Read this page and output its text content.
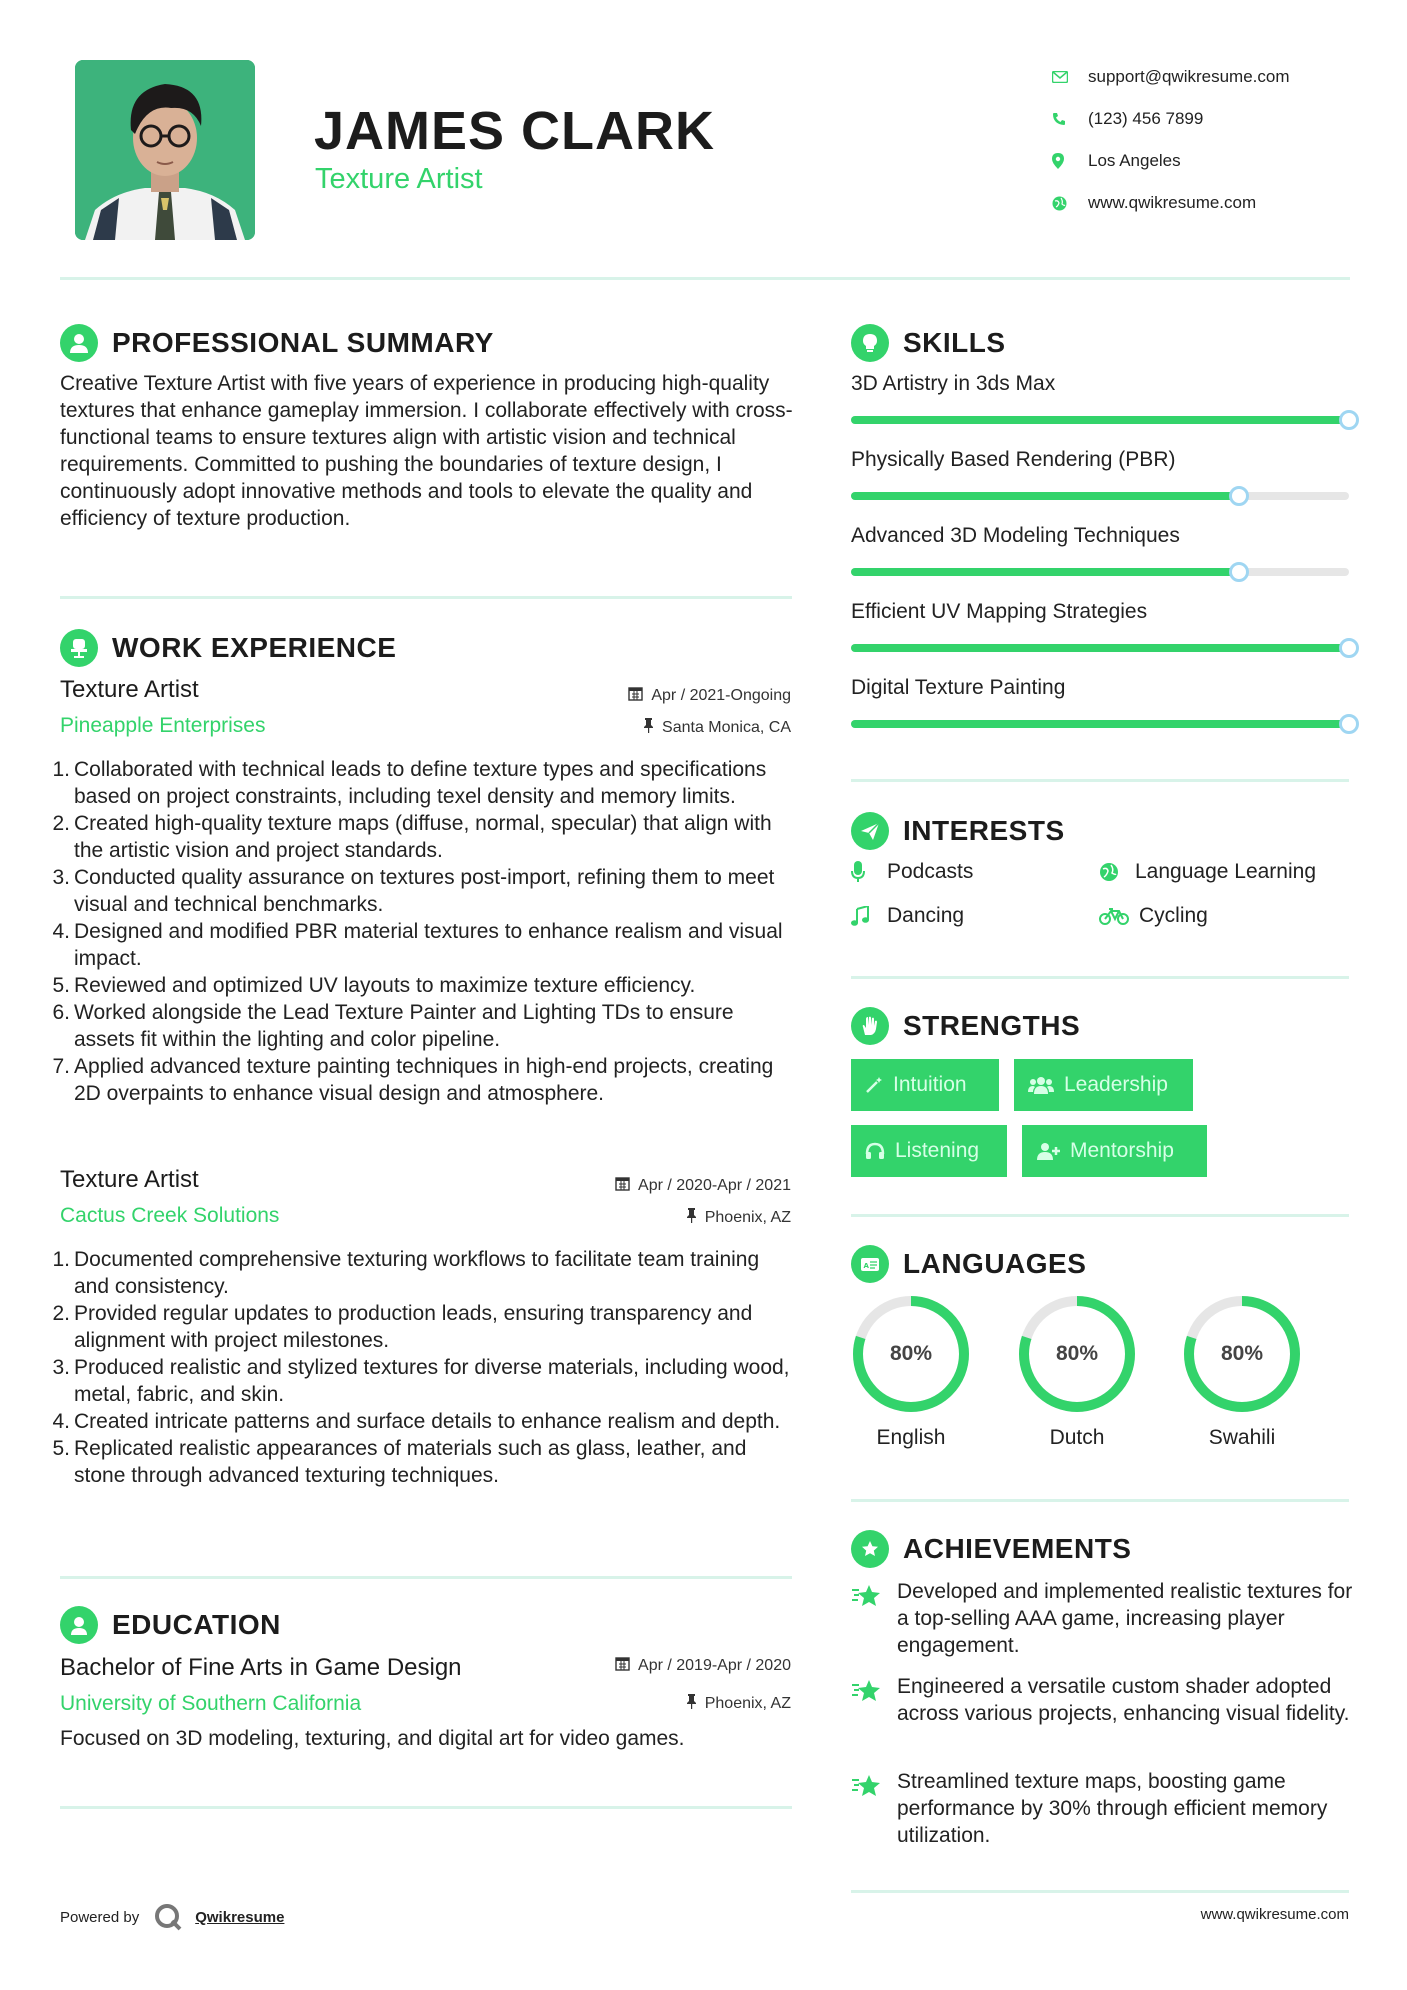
JAMES CLARK
Texture Artist
support@qwikresume.com
(123) 456 7899
Los Angeles
www.qwikresume.com
PROFESSIONAL SUMMARY
Creative Texture Artist with five years of experience in producing high-quality textures that enhance gameplay immersion. I collaborate effectively with cross-functional teams to ensure textures align with artistic vision and technical requirements. Committed to pushing the boundaries of texture design, I continuously adopt innovative methods and tools to elevate the quality and efficiency of texture production.
WORK EXPERIENCE
Texture Artist	Apr / 2021-Ongoing
Pineapple Enterprises	Santa Monica, CA
1. Collaborated with technical leads to define texture types and specifications based on project constraints, including texel density and memory limits.
2. Created high-quality texture maps (diffuse, normal, specular) that align with the artistic vision and project standards.
3. Conducted quality assurance on textures post-import, refining them to meet visual and technical benchmarks.
4. Designed and modified PBR material textures to enhance realism and visual impact.
5. Reviewed and optimized UV layouts to maximize texture efficiency.
6. Worked alongside the Lead Texture Painter and Lighting TDs to ensure assets fit within the lighting and color pipeline.
7. Applied advanced texture painting techniques in high-end projects, creating 2D overpaints to enhance visual design and atmosphere.
Texture Artist	Apr / 2020-Apr / 2021
Cactus Creek Solutions	Phoenix, AZ
1. Documented comprehensive texturing workflows to facilitate team training and consistency.
2. Provided regular updates to production leads, ensuring transparency and alignment with project milestones.
3. Produced realistic and stylized textures for diverse materials, including wood, metal, fabric, and skin.
4. Created intricate patterns and surface details to enhance realism and depth.
5. Replicated realistic appearances of materials such as glass, leather, and stone through advanced texturing techniques.
EDUCATION
Bachelor of Fine Arts in Game Design	Apr / 2019-Apr / 2020
University of Southern California	Phoenix, AZ
Focused on 3D modeling, texturing, and digital art for video games.
SKILLS
3D Artistry in 3ds Max
Physically Based Rendering (PBR)
Advanced 3D Modeling Techniques
Efficient UV Mapping Strategies
Digital Texture Painting
INTERESTS
Podcasts	Language Learning
Dancing	Cycling
STRENGTHS
Intuition	Leadership
Listening	Mentorship
A LANGUAGES
80%
English
80%
Dutch
80%
Swahili
ACHIEVEMENTS
Developed and implemented realistic textures for a top-selling AAA game, increasing player engagement.
Engineered a versatile custom shader adopted across various projects, enhancing visual fidelity.
Streamlined texture maps, boosting game performance by 30% through efficient memory utilization.
Powered by	Qwikresume	www.qwikresume.com
